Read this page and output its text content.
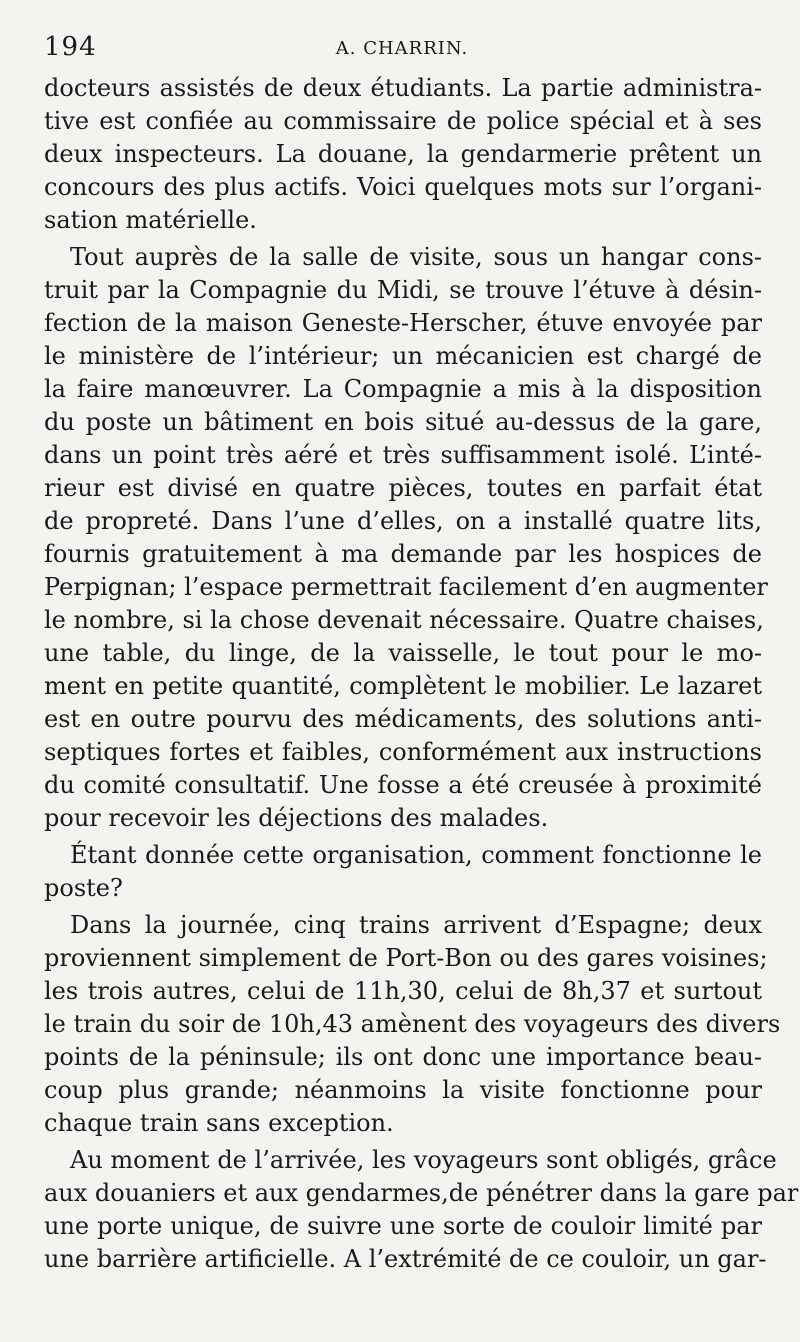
194	A. CHARRIN.
docteurs assistés de deux étudiants. La partie administra-
tive est confiée au commissaire de police spécial et à ses
deux inspecteurs. La douane, la gendarmerie prêtent un
concours des plus actifs. Voici quelques mots sur l’organi-
sation matérielle.
Tout auprès de la salle de visite, sous un hangar cons-
truit par la Compagnie du Midi, se trouve l’étuve à désin-
fection de la maison Geneste-Herscher, étuve envoyée par
le ministère de l’intérieur; un mécanicien est chargé de
la faire manœuvrer. La Compagnie a mis à la disposition
du poste un bâtiment en bois situé au-dessus de la gare,
dans un point très aéré et très suffisamment isolé. L’inté-
rieur est divisé en quatre pièces, toutes en parfait état
de propreté. Dans l’une d’elles, on a installé quatre lits,
fournis gratuitement à ma demande par les hospices de
Perpignan; l’espace permettrait facilement d’en augmenter
le nombre, si la chose devenait nécessaire. Quatre chaises,
une table, du linge, de la vaisselle, le tout pour le mo-
ment en petite quantité, complètent le mobilier. Le lazaret
est en outre pourvu des médicaments, des solutions anti-
septiques fortes et faibles, conformément aux instructions
du comité consultatif. Une fosse a été creusée à proximité
pour recevoir les déjections des malades.
Étant donnée cette organisation, comment fonctionne le
poste?
Dans la journée, cinq trains arrivent d’Espagne; deux
proviennent simplement de Port-Bon ou des gares voisines;
les trois autres, celui de 11h,30, celui de 8h,37 et surtout
le train du soir de 10h,43 amènent des voyageurs des divers
points de la péninsule; ils ont donc une importance beau-
coup plus grande; néanmoins la visite fonctionne pour
chaque train sans exception.
Au moment de l’arrivée, les voyageurs sont obligés, grâce
aux douaniers et aux gendarmes,de pénétrer dans la gare par
une porte unique, de suivre une sorte de couloir limité par
une barrière artificielle. A l’extrémité de ce couloir, un gar-
